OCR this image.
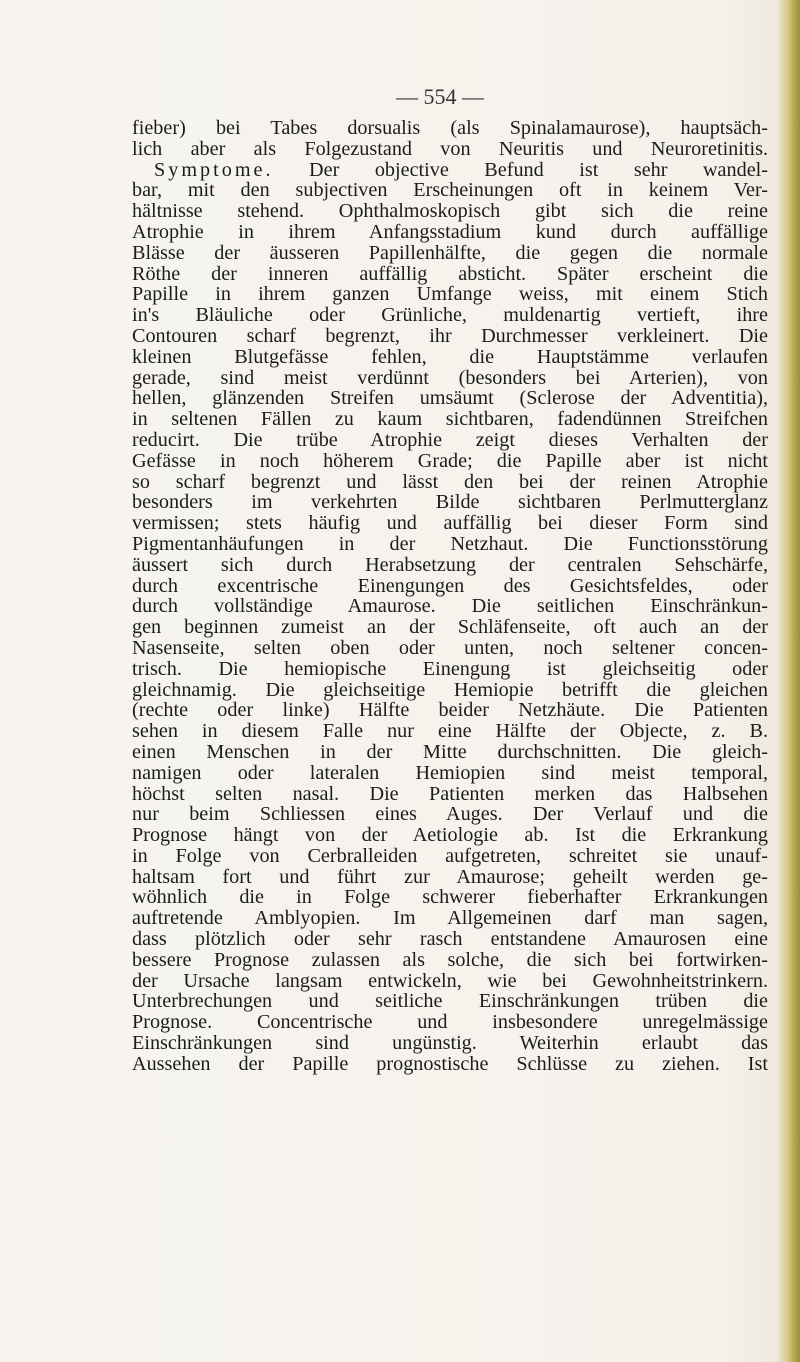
— 554 —
fieber) bei Tabes dorsualis (als Spinalamaurose), hauptsäch-
lich aber als Folgezustand von Neuritis und Neuroretinitis.
Symptome. Der objective Befund ist sehr wandel-
bar, mit den subjectiven Erscheinungen oft in keinem Ver-
hältnisse stehend. Ophthalmoskopisch gibt sich die reine
Atrophie in ihrem Anfangsstadium kund durch auffällige
Blässe der äusseren Papillenhälfte, die gegen die normale
Röthe der inneren auffällig absticht. Später erscheint die
Papille in ihrem ganzen Umfange weiss, mit einem Stich
in's Bläuliche oder Grünliche, muldenartig vertieft, ihre
Contouren scharf begrenzt, ihr Durchmesser verkleinert. Die
kleinen Blutgefässe fehlen, die Hauptstämme verlaufen
gerade, sind meist verdünnt (besonders bei Arterien), von
hellen, glänzenden Streifen umsäumt (Sclerose der Adventitia),
in seltenen Fällen zu kaum sichtbaren, fadendünnen Streifchen
reducirt. Die trübe Atrophie zeigt dieses Verhalten der
Gefässe in noch höherem Grade; die Papille aber ist nicht
so scharf begrenzt und lässt den bei der reinen Atrophie
besonders im verkehrten Bilde sichtbaren Perlmutterglanz
vermissen; stets häufig und auffällig bei dieser Form sind
Pigmentanhäufungen in der Netzhaut. Die Functionsstörung
äussert sich durch Herabsetzung der centralen Sehschärfe,
durch excentrische Einengungen des Gesichtsfeldes, oder
durch vollständige Amaurose. Die seitlichen Einschränkun-
gen beginnen zumeist an der Schläfenseite, oft auch an der
Nasenseite, selten oben oder unten, noch seltener concen-
trisch. Die hemiopische Einengung ist gleichseitig oder
gleichnamig. Die gleichseitige Hemiopie betrifft die gleichen
(rechte oder linke) Hälfte beider Netzhäute. Die Patienten
sehen in diesem Falle nur eine Hälfte der Objecte, z. B.
einen Menschen in der Mitte durchschnitten. Die gleich-
namigen oder lateralen Hemiopien sind meist temporal,
höchst selten nasal. Die Patienten merken das Halbsehen
nur beim Schliessen eines Auges. Der Verlauf und die
Prognose hängt von der Aetiologie ab. Ist die Erkrankung
in Folge von Cerbralleiden aufgetreten, schreitet sie unauf-
haltsam fort und führt zur Amaurose; geheilt werden ge-
wöhnlich die in Folge schwerer fieberhafter Erkrankungen
auftretende Amblyopien. Im Allgemeinen darf man sagen,
dass plötzlich oder sehr rasch entstandene Amaurosen eine
bessere Prognose zulassen als solche, die sich bei fortwirken-
der Ursache langsam entwickeln, wie bei Gewohnheitstrinkern.
Unterbrechungen und seitliche Einschränkungen trüben die
Prognose. Concentrische und insbesondere unregelmässige
Einschränkungen sind ungünstig. Weiterhin erlaubt das
Aussehen der Papille prognostische Schlüsse zu ziehen. Ist
